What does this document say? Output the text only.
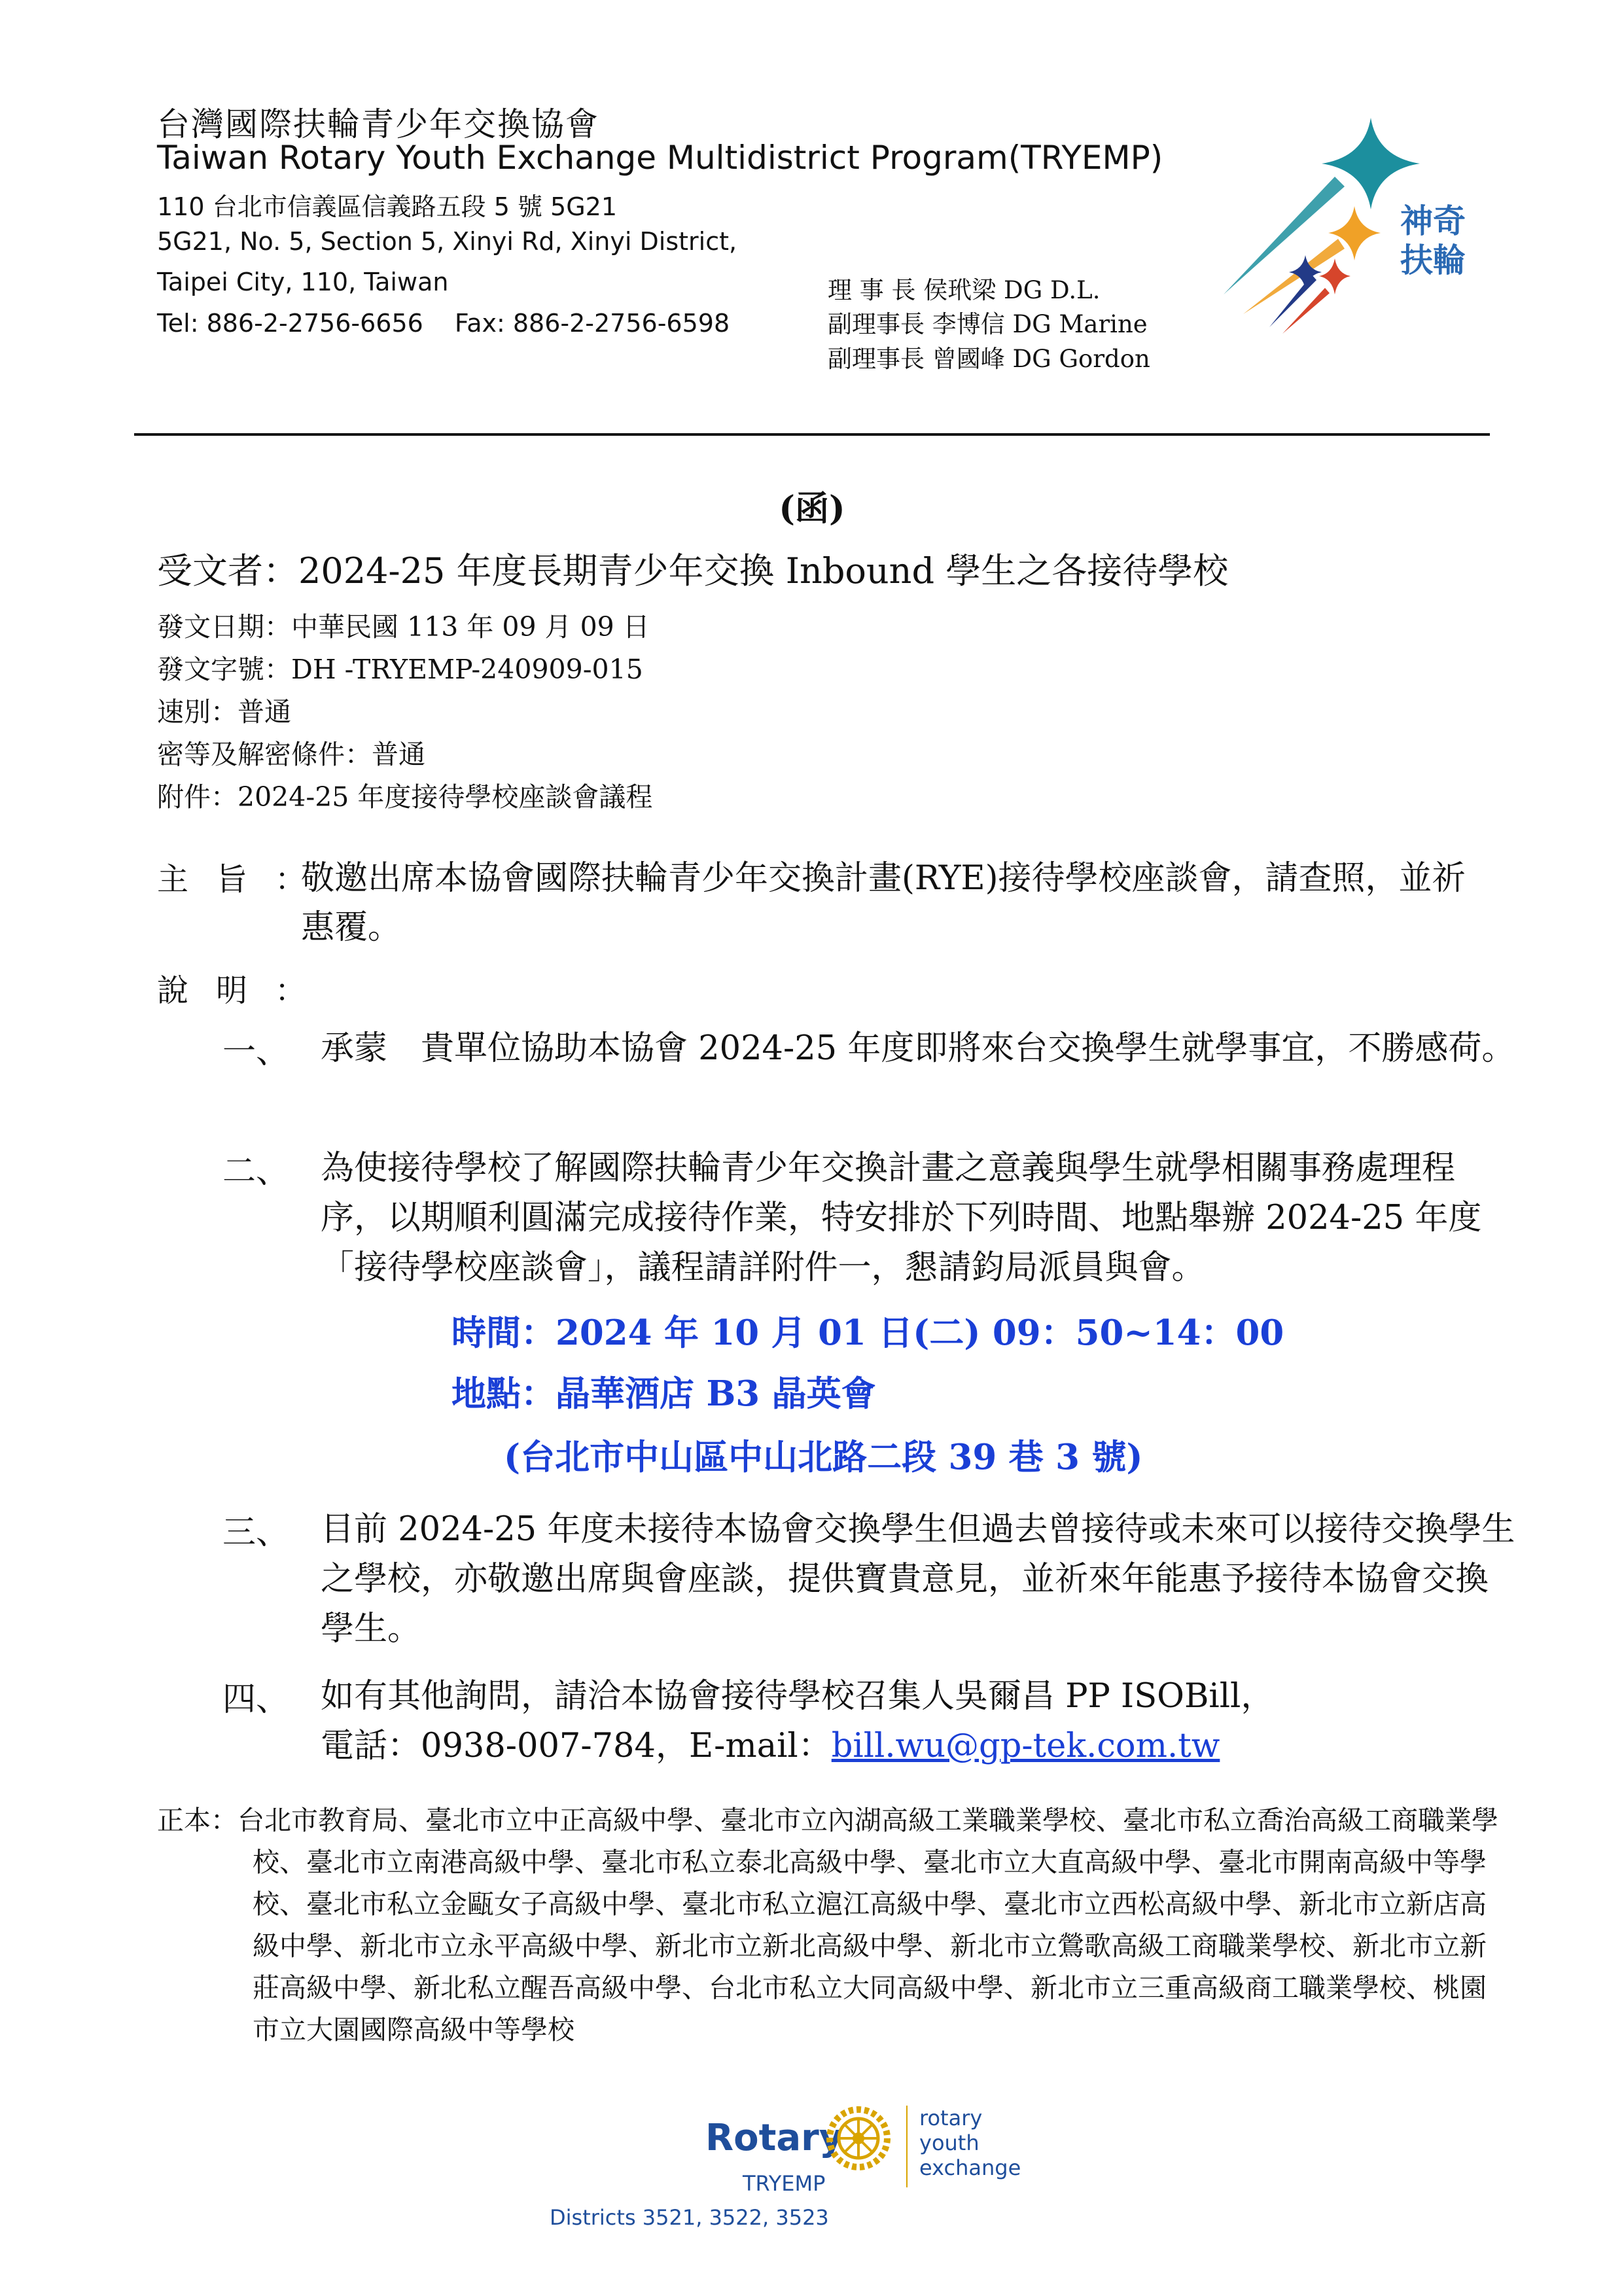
台灣國際扶輪青少年交換協會
Taiwan Rotary Youth Exchange Multidistrict Program(TRYEMP)
110 台北市信義區信義路五段 5 號 5G21
5G21, No. 5, Section 5, Xinyi Rd, Xinyi District,
Taipei City, 110, Taiwan
Tel: 886-2-2756-6656 Fax: 886-2-2756-6598
理 事 長 侯玳梁 DG D.L.
副理事長 李博信 DG Marine
副理事長 曾國峰 DG Gordon
神奇
扶輪
(函)
受文者：2024-25 年度長期青少年交換 Inbound 學生之各接待學校
發文日期：中華民國 113 年 09 月 09 日
發文字號：DH -TRYEMP-240909-015
速別：普通
密等及解密條件：普通
附件：2024-25 年度接待學校座談會議程
主旨：
敬邀出席本協會國際扶輪青少年交換計畫(RYE)接待學校座談會，請查照，並祈惠覆。
說明：
一、 承蒙　貴單位協助本協會 2024-25 年度即將來台交換學生就學事宜，不勝感荷。
二、 為使接待學校了解國際扶輪青少年交換計畫之意義與學生就學相關事務處理程序，以期順利圓滿完成接待作業，特安排於下列時間、地點舉辦 2024-25 年度「接待學校座談會」，議程請詳附件一，懇請鈞局派員與會。
時間：2024 年 10 月 01 日(二) 09：50~14：00
地點：晶華酒店 B3 晶英會
(台北市中山區中山北路二段 39 巷 3 號)
三、 目前 2024-25 年度未接待本協會交換學生但過去曾接待或未來可以接待交換學生之學校，亦敬邀出席與會座談，提供寶貴意見，並祈來年能惠予接待本協會交換學生。
四、 如有其他詢問，請洽本協會接待學校召集人吳爾昌 PP ISOBill，
電話：0938-007-784，E-mail：bill.wu@gp-tek.com.tw
正本：台北市教育局、臺北市立中正高級中學、臺北市立內湖高級工業職業學校、臺北市私立喬治高級工商職業學校、臺北市立南港高級中學、臺北市私立泰北高級中學、臺北市立大直高級中學、臺北市開南高級中等學校、臺北市私立金甌女子高級中學、臺北市私立滬江高級中學、臺北市立西松高級中學、新北市立新店高級中學、新北市立永平高級中學、新北市立新北高級中學、新北市立鶯歌高級工商職業學校、新北市立新莊高級中學、新北私立醒吾高級中學、台北市私立大同高級中學、新北市立三重高級商工職業學校、桃園市立大園國際高級中等學校
Rotary
TRYEMP
rotary
youth
exchange
Districts 3521, 3522, 3523
